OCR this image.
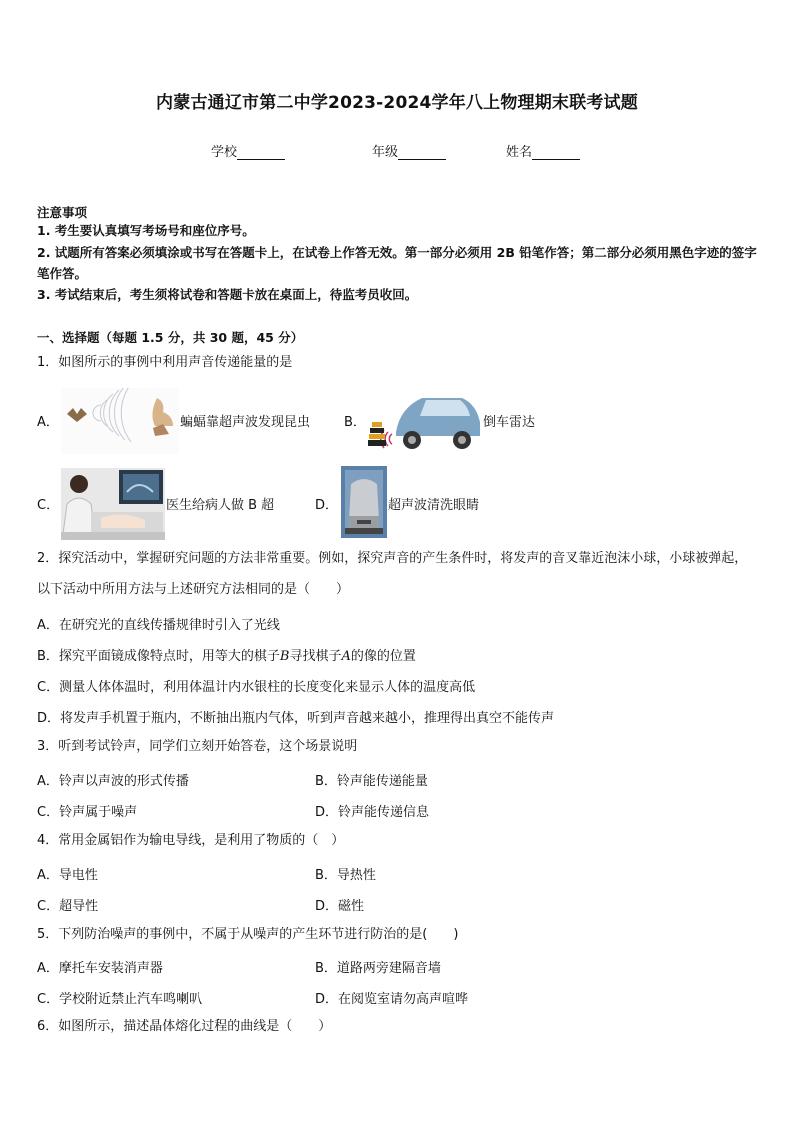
内蒙古通辽市第二中学2023-2024学年八上物理期末联考试题
学校	年级	姓名
注意事项
1. 考生要认真填写考场号和座位序号。
2. 试题所有答案必须填涂或书写在答题卡上，在试卷上作答无效。第一部分必须用 2B 铅笔作答；第二部分必须用黑色字迹的签字笔作答。
3. 考试结束后，考生须将试卷和答题卡放在桌面上，待监考员收回。
一、选择题（每题 1.5 分，共 30 题，45 分）
1．如图所示的事例中利用声音传递能量的是
A．	蝙蝠靠超声波发现昆虫	B．	倒车雷达
C．	医生给病人做 B 超	D．	超声波清洗眼睛
2．探究活动中，掌握研究问题的方法非常重要。例如，探究声音的产生条件时，将发声的音叉靠近泡沫小球，小球被弹起，以下活动中所用方法与上述研究方法相同的是（　　）
A．在研究光的直线传播规律时引入了光线
B．探究平面镜成像特点时，用等大的棋子B寻找棋子A的像的位置
C．测量人体体温时，利用体温计内水银柱的长度变化来显示人体的温度高低
D．将发声手机置于瓶内，不断抽出瓶内气体，听到声音越来越小，推理得出真空不能传声
3．听到考试铃声，同学们立刻开始答卷，这个场景说明
A．铃声以声波的形式传播	B．铃声能传递能量
C．铃声属于噪声	D．铃声能传递信息
4．常用金属铝作为输电导线，是利用了物质的（　）
A．导电性	B．导热性
C．超导性	D．磁性
5．下列防治噪声的事例中，不属于从噪声的产生环节进行防治的是(　　)
A．摩托车安装消声器	B．道路两旁建隔音墙
C．学校附近禁止汽车鸣喇叭	D．在阅览室请勿高声喧哗
6．如图所示，描述晶体熔化过程的曲线是（　　）
